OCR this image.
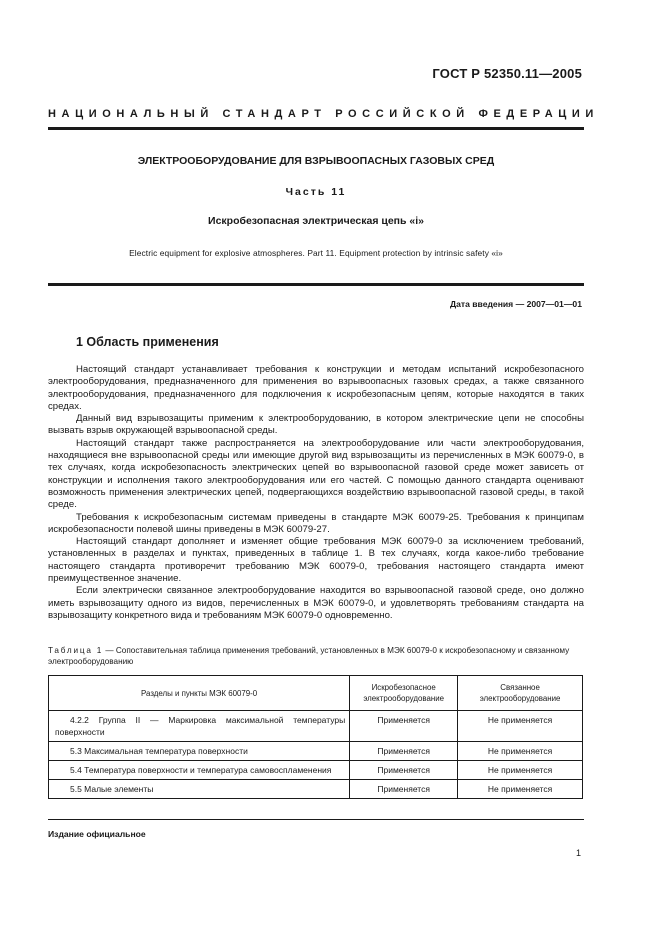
ГОСТ Р 52350.11—2005
НАЦИОНАЛЬНЫЙ СТАНДАРТ РОССИЙСКОЙ ФЕДЕРАЦИИ
ЭЛЕКТРООБОРУДОВАНИЕ ДЛЯ ВЗРЫВООПАСНЫХ ГАЗОВЫХ СРЕД
Часть 11
Искробезопасная электрическая цепь «i»
Electric equipment for explosive atmospheres. Part 11. Equipment protection by intrinsic safety «i»
Дата введения — 2007—01—01
1 Область применения

Настоящий стандарт устанавливает требования к конструкции и методам испытаний искробезопасного электрооборудования, предназначенного для применения во взрывоопасных газовых средах, а также связанного электрооборудования, предназначенного для подключения к искробезопасным цепям, которые находятся в таких средах.

Данный вид взрывозащиты применим к электрооборудованию, в котором электрические цепи не способны вызвать взрыв окружающей взрывоопасной среды.

Настоящий стандарт также распространяется на электрооборудование или части электрооборудования, находящиеся вне взрывоопасной среды или имеющие другой вид взрывозащиты из перечисленных в МЭК 60079-0, в тех случаях, когда искробезопасность электрических цепей во взрывоопасной газовой среде может зависеть от конструкции и исполнения такого электрооборудования или его частей. С помощью данного стандарта оценивают возможность применения электрических цепей, подвергающихся воздействию взрывоопасной газовой среды, в такой среде.

Требования к искробезопасным системам приведены в стандарте МЭК 60079-25. Требования к принципам искробезопасности полевой шины приведены в МЭК 60079-27.

Настоящий стандарт дополняет и изменяет общие требования МЭК 60079-0 за исключением требований, установленных в разделах и пунктах, приведенных в таблице 1. В тех случаях, когда какое-либо требование настоящего стандарта противоречит требованию МЭК 60079-0, требования настоящего стандарта имеют преимущественное значение.

Если электрически связанное электрооборудование находится во взрывоопасной газовой среде, оно должно иметь взрывозащиту одного из видов, перечисленных в МЭК 60079-0, и удовлетворять требованиям стандарта на взрывозащиту конкретного вида и требованиям МЭК 60079-0 одновременно.

Таблица 1 — Сопоставительная таблица применения требований, установленных в МЭК 60079-0 к искробезопасному и связанному электрооборудованию
Разделы и пункты МЭК 60079-0	Искробезопасное электрооборудование	Связанное электрооборудование
4.2.2 Группа II — Маркировка максимальной температуры поверхности	Применяется	Не применяется
5.3 Максимальная температура поверхности	Применяется	Не применяется
5.4 Температура поверхности и температура самовоспламенения	Применяется	Не применяется
5.5 Малые элементы	Применяется	Не применяется
Издание официальное
1
